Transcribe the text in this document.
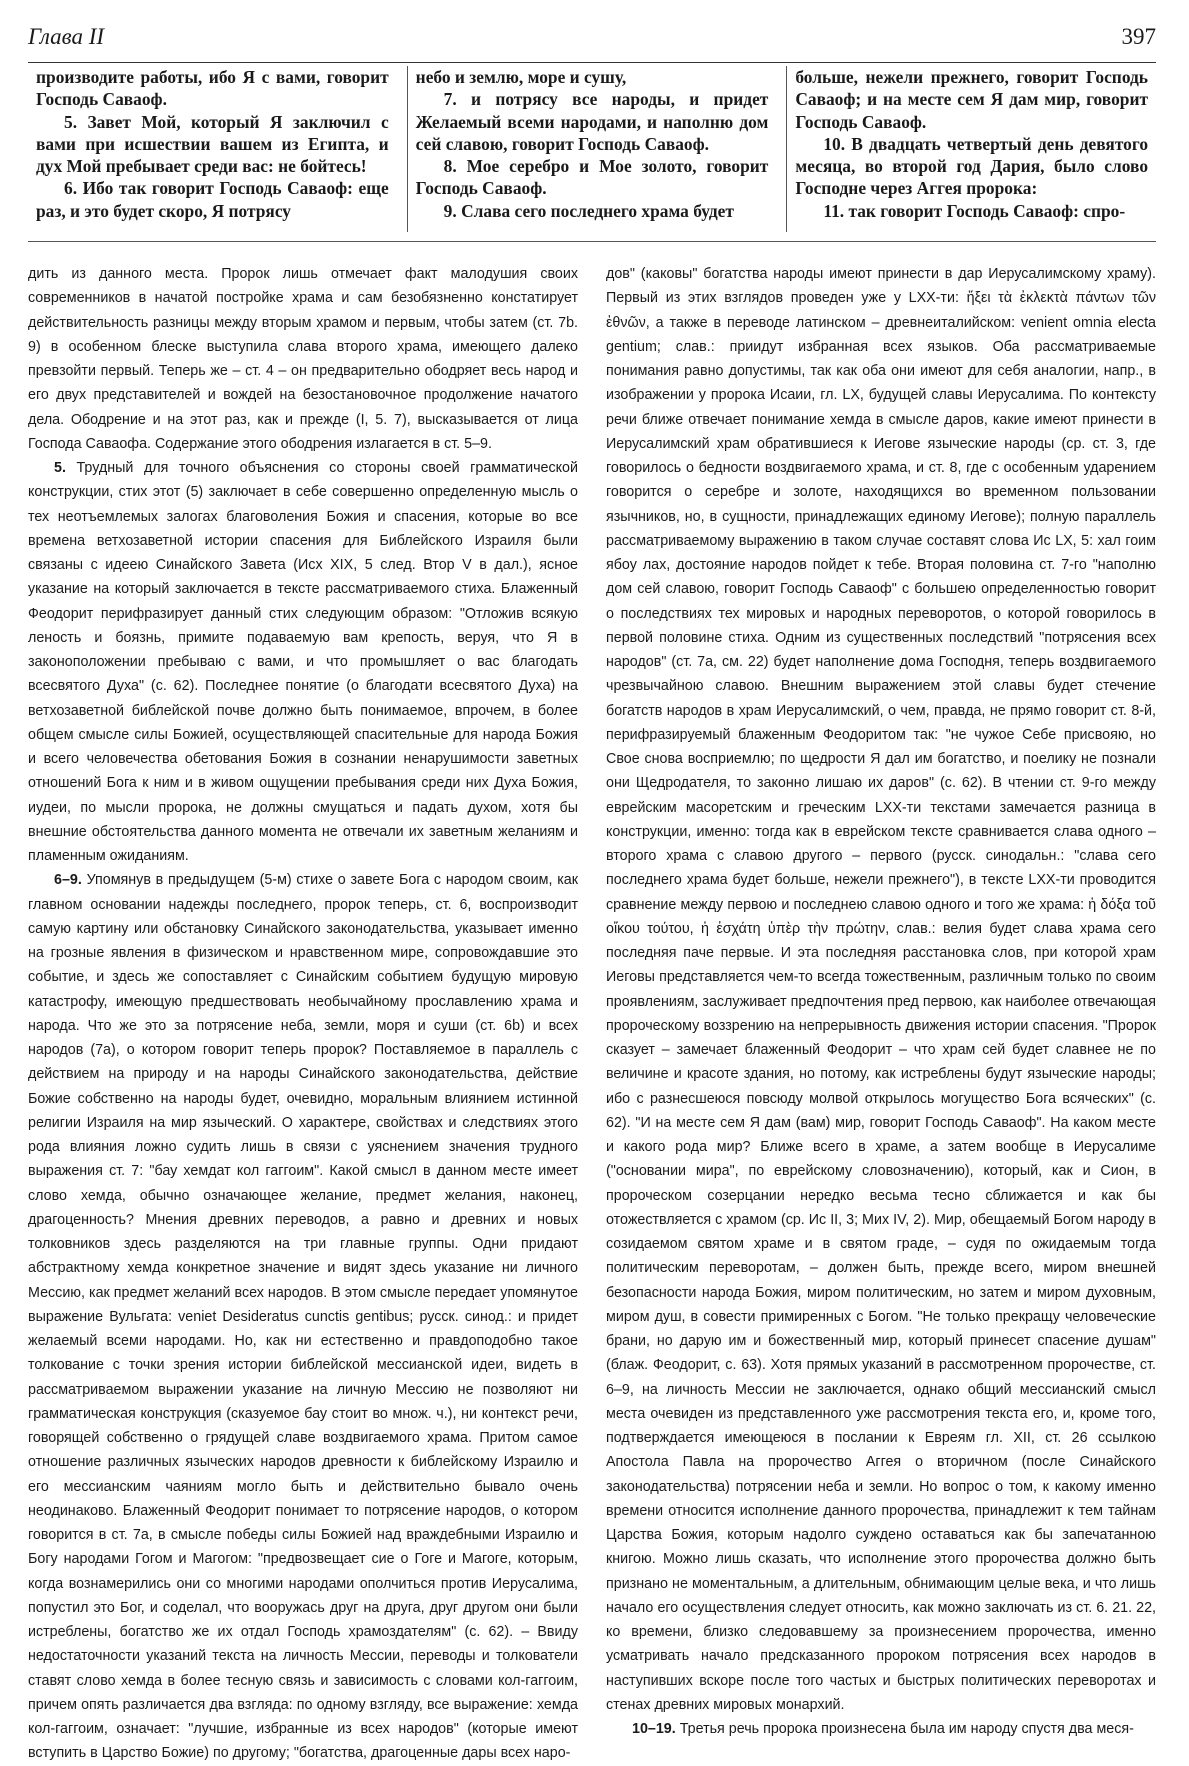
Глава II	397

производите работы, ибо Я с вами, говорит Господь Саваоф.

5. Завет Мой, который Я заключил с вами при исшествии вашем из Египта, и дух Мой пребывает среди вас: не бойтесь!

6. Ибо так говорит Господь Саваоф: еще раз, и это будет скоро, Я потрясу

небо и землю, море и сушу,

7. и потрясу все народы, и придет Желаемый всеми народами, и наполню дом сей славою, говорит Господь Саваоф.

8. Мое серебро и Мое золото, говорит Господь Саваоф.

9. Слава сего последнего храма будет

больше, нежели прежнего, говорит Господь Саваоф; и на месте сем Я дам мир, говорит Господь Саваоф.

10. В двадцать четвертый день девятого месяца, во второй год Дария, было слово Господне через Аггея пророка:

11. так говорит Господь Саваоф: спро-

дить из данного места. Пророк лишь отмечает факт малодушия своих современников в начатой постройке храма и сам безобязненно констатирует действительность разницы между вторым храмом и первым, чтобы затем (ст. 7b. 9) в особенном блеске выступила слава второго храма, имеющего далеко превзойти первый. Теперь же – ст. 4 – он предварительно ободряет весь народ и его двух представителей и вождей на безостановочное продолжение начатого дела. Ободрение и на этот раз, как и прежде (I, 5. 7), высказывается от лица Господа Саваофа. Содержание этого ободрения излагается в ст. 5–9.

5. Трудный для точного объяснения со стороны своей грамматической конструкции, стих этот (5) заключает в себе совершенно определенную мысль о тех неотъемлемых залогах благоволения Божия и спасения, которые во все времена ветхозаветной истории спасения для Библейского Израиля были связаны с идеею Синайского Завета (Исх XIX, 5 след. Втор V в дал.), ясное указание на который заключается в тексте рассматриваемого стиха. Блаженный Феодорит перифразирует данный стих следующим образом: "Отложив всякую леность и боязнь, примите подаваемую вам крепость, веруя, что Я в законоположении пребываю с вами, и что промышляет о вас благодать всесвятого Духа" (с. 62). Последнее понятие (о благодати всесвятого Духа) на ветхозаветной библейской почве должно быть понимаемое, впрочем, в более общем смысле силы Божией, осуществляющей спасительные для народа Божия и всего человечества обетования Божия в сознании ненарушимости заветных отношений Бога к ним и в живом ощущении пребывания среди них Духа Божия, иудеи, по мысли пророка, не должны смущаться и падать духом, хотя бы внешние обстоятельства данного момента не отвечали их заветным желаниям и пламенным ожиданиям.

6–9. Упомянув в предыдущем (5-м) стихе о завете Бога с народом своим, как главном основании надежды последнего, пророк теперь, ст. 6, воспроизводит самую картину или обстановку Синайского законодательства, указывает именно на грозные явления в физическом и нравственном мире, сопровождавшие это событие, и здесь же сопоставляет с Синайским событием будущую мировую катастрофу, имеющую предшествовать необычайному прославлению храма и народа. Что же это за потрясение неба, земли, моря и суши (ст. 6b) и всех народов (7а), о котором говорит теперь пророк? Поставляемое в параллель с действием на природу и на народы Синайского законодательства, действие Божие собственно на народы будет, очевидно, моральным влиянием истинной религии Израиля на мир языческий. О характере, свойствах и следствиях этого рода влияния ложно судить лишь в связи с уяснением значения трудного выражения ст. 7: "бау хемдат кол гаггоим". Какой смысл в данном месте имеет слово хемда, обычно означающее желание, предмет желания, наконец, драгоценность? Мнения древних переводов, а равно и древних и новых толковников здесь разделяются на три главные группы. Одни придают абстрактному хемда конкретное значение и видят здесь указание ни личного Мессию, как предмет желаний всех народов. В этом смысле передает упомянутое выражение Вульгата: veniet Desideratus cunctis gentibus; русск. синод.: и придет желаемый всеми народами. Но, как ни естественно и правдоподобно такое толкование с точки зрения истории библейской мессианской идеи, видеть в рассматриваемом выражении указание на личную Мессию не позволяют ни грамматическая конструкция (сказуемое бау стоит во множ. ч.), ни контекст речи, говорящей собственно о грядущей славе воздвигаемого храма. Притом самое отношение различных языческих народов древности к библейскому Израилю и его мессианским чаяниям могло быть и действительно бывало очень неодинаково. Блаженный Феодорит понимает то потрясение народов, о котором говорится в ст. 7а, в смысле победы силы Божией над враждебными Израилю и Богу народами Гогом и Магогом: "предвозвещает сие о Гоге и Магоге, которым, когда вознамерились они со многими народами ополчиться против Иерусалима, попустил это Бог, и соделал, что вооружась друг на друга, друг другом они были истреблены, богатство же их отдал Господь храмоздателям" (с. 62). – Ввиду недостаточности указаний текста на личность Мессии, переводы и толкователи ставят слово хемда в более тесную связь и зависимость с словами кол-гаггоим, причем опять различается два взгляда: по одному взгляду, все выражение: хемда кол-гаггоим, означает: "лучшие, избранные из всех народов" (которые имеют вступить в Царство Божие) по другому; "богатства, драгоценные дары всех наро-

дов" (каковы" богатства народы имеют принести в дар Иерусалимскому храму). Первый из этих взглядов проведен уже у LXX-ти: ἥξει τὰ ἐκλεκτὰ πάντων τῶν ἐθνῶν, а также в переводе латинском – древнеиталийском: venient omnia electa gentium; слав.: приидут избранная всех языков. Оба рассматриваемые понимания равно допустимы, так как оба они имеют для себя аналогии, напр., в изображении у пророка Исаии, гл. LX, будущей славы Иерусалима. По контексту речи ближе отвечает понимание хемда в смысле даров, какие имеют принести в Иерусалимский храм обратившиеся к Иегове языческие народы (ср. ст. 3, где говорилось о бедности воздвигаемого храма, и ст. 8, где с особенным ударением говорится о серебре и золоте, находящихся во временном пользовании язычников, но, в сущности, принадлежащих единому Иегове); полную параллель рассматриваемому выражению в таком случае составят слова Ис LX, 5: хал гоим ябоу лах, достояние народов пойдет к тебе. Вторая половина ст. 7-го "наполню дом сей славою, говорит Господь Саваоф" с большею определенностью говорит о последствиях тех мировых и народных переворотов, о которой говорилось в первой половине стиха. Одним из существенных последствий "потрясения всех народов" (ст. 7а, см. 22) будет наполнение дома Господня, теперь воздвигаемого чрезвычайною славою. Внешним выражением этой славы будет стечение богатств народов в храм Иерусалимский, о чем, правда, не прямо говорит ст. 8-й, перифразируемый блаженным Феодоритом так: "не чужое Себе присвояю, но Свое снова восприемлю; по щедрости Я дал им богатство, и поелику не познали они Щедродателя, то законно лишаю их даров" (с. 62). В чтении ст. 9-го между еврейским масоретским и греческим LXX-ти текстами замечается разница в конструкции, именно: тогда как в еврейском тексте сравнивается слава одного – второго храма с славою другого – первого (русск. синодальн.: "слава сего последнего храма будет больше, нежели прежнего"), в тексте LXX-ти проводится сравнение между первою и последнею славою одного и того же храма: ἡ δόξα τοῦ οἴκου τούτου, ἡ ἐσχάτη ὑπὲρ τὴν πρώτην, слав.: велия будет слава храма сего последняя паче первые. И эта последняя расстановка слов, при которой храм Иеговы представляется чем-то всегда тожественным, различным только по своим проявлениям, заслуживает предпочтения пред первою, как наиболее отвечающая пророческому воззрению на непрерывность движения истории спасения. "Пророк сказует – замечает блаженный Феодорит – что храм сей будет славнее не по величине и красоте здания, но потому, как истреблены будут языческие народы; ибо с разнесшеюся повсюду молвой открылось могущество Бога всяческих" (с. 62). "И на месте сем Я дам (вам) мир, говорит Господь Саваоф". На каком месте и какого рода мир? Ближе всего в храме, а затем вообще в Иерусалиме ("основании мира", по еврейскому словозначению), который, как и Сион, в пророческом созерцании нередко весьма тесно сближается и как бы отожествляется с храмом (ср. Ис II, 3; Мих IV, 2). Мир, обещаемый Богом народу в созидаемом святом храме и в святом граде, – судя по ожидаемым тогда политическим переворотам, – должен быть, прежде всего, миром внешней безопасности народа Божия, миром политическим, но затем и миром духовным, миром душ, в совести примиренных с Богом. "Не только прекращу человеческие брани, но дарую им и божественный мир, который принесет спасение душам" (блаж. Феодорит, с. 63). Хотя прямых указаний в рассмотренном пророчестве, ст. 6–9, на личность Мессии не заключается, однако общий мессианский смысл места очевиден из представленного уже рассмотрения текста его, и, кроме того, подтверждается имеющеюся в послании к Евреям гл. XII, ст. 26 ссылкою Апостола Павла на пророчество Аггея о вторичном (после Синайского законодательства) потрясении неба и земли. Но вопрос о том, к какому именно времени относится исполнение данного пророчества, принадлежит к тем тайнам Царства Божия, которым надолго суждено оставаться как бы запечатанною книгою. Можно лишь сказать, что исполнение этого пророчества должно быть признано не моментальным, а длительным, обнимающим целые века, и что лишь начало его осуществления следует относить, как можно заключать из ст. 6. 21. 22, ко времени, близко следовавшему за произнесением пророчества, именно усматривать начало предсказанного пророком потрясения всех народов в наступивших вскоре после того частых и быстрых политических переворотах и стенах древних мировых монархий.

10–19. Третья речь пророка произнесена была им народу спустя два меся-
